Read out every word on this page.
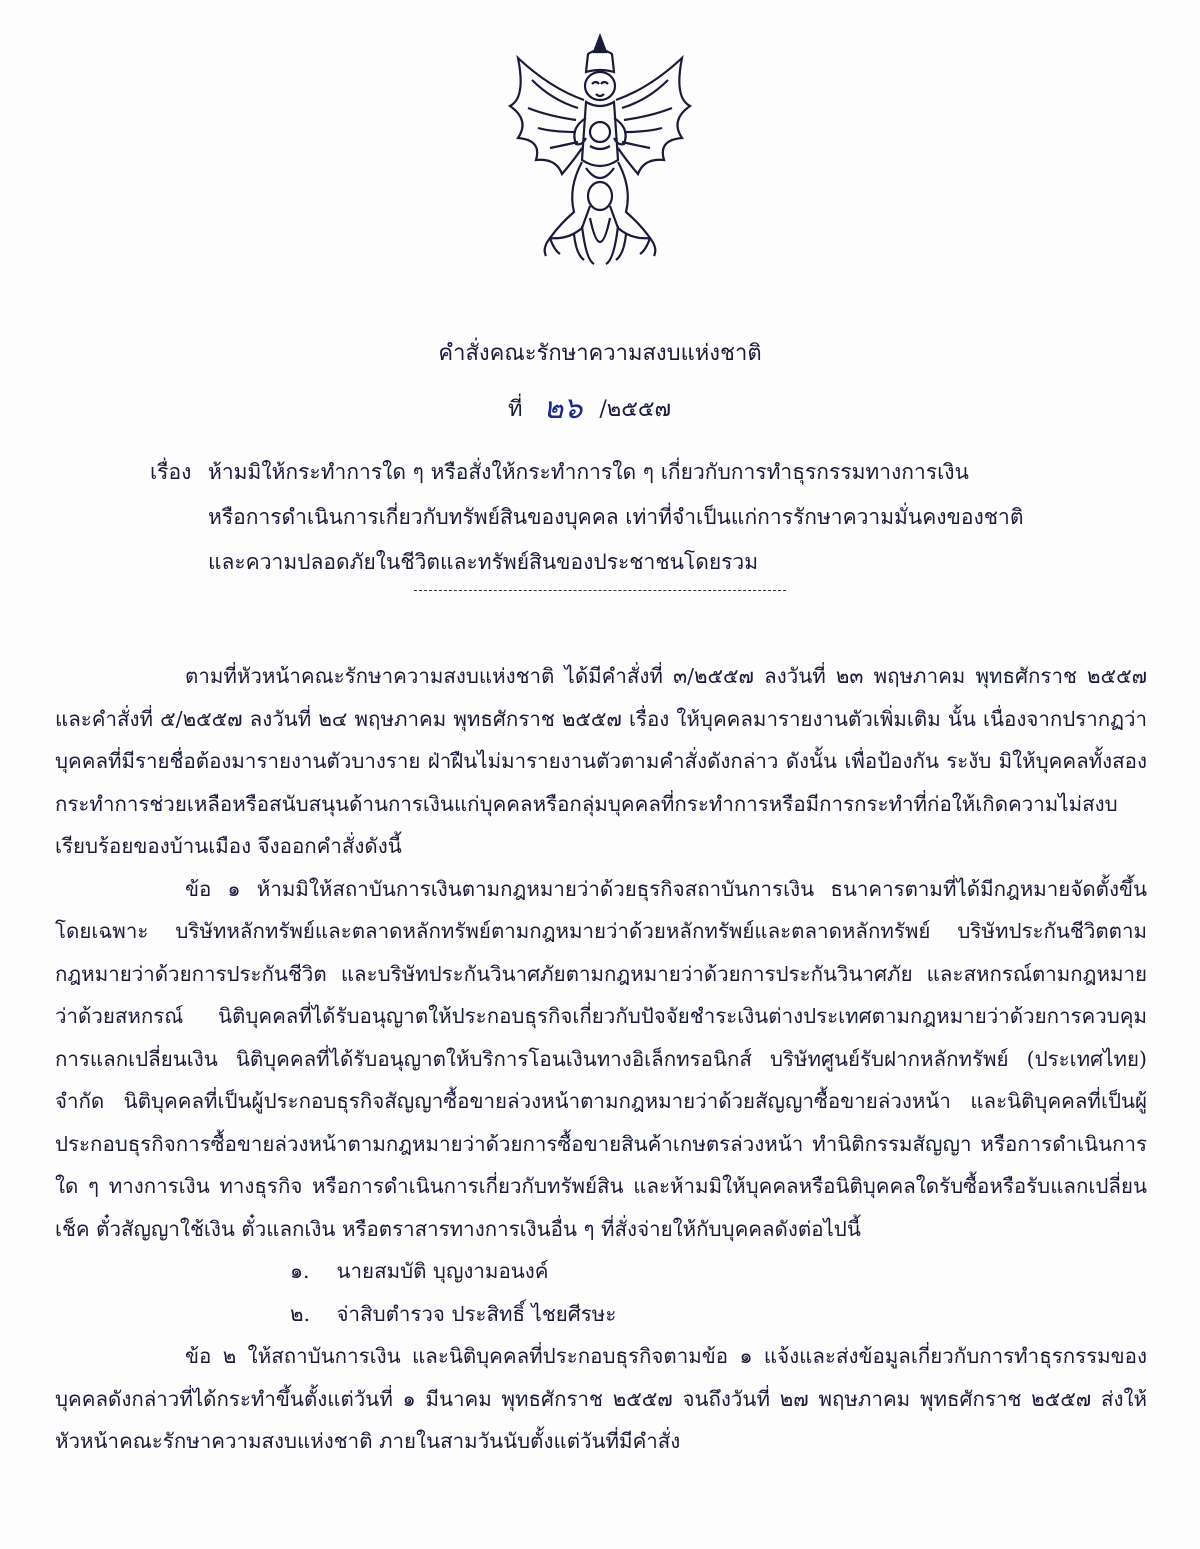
คำสั่งคณะรักษาความสงบแห่งชาติ
ที่ ๒๖ /๒๕๕๗
เรื่อง ห้ามมิให้กระทำการใด ๆ หรือสั่งให้กระทำการใด ๆ เกี่ยวกับการทำธุรกรรมทางการเงิน
หรือการดำเนินการเกี่ยวกับทรัพย์สินของบุคคล เท่าที่จำเป็นแก่การรักษาความมั่นคงของชาติ
และความปลอดภัยในชีวิตและทรัพย์สินของประชาชนโดยรวม

ตามที่หัวหน้าคณะรักษาความสงบแห่งชาติ ได้มีคำสั่งที่ ๓/๒๕๕๗ ลงวันที่ ๒๓ พฤษภาคม พุทธศักราช ๒๕๕๗ และคำสั่งที่ ๕/๒๕๕๗ ลงวันที่ ๒๔ พฤษภาคม พุทธศักราช ๒๕๕๗ เรื่อง ให้บุคคลมารายงานตัวเพิ่มเติม นั้น เนื่องจากปรากฏว่าบุคคลที่มีรายชื่อต้องมารายงานตัวบางราย ฝ่าฝืนไม่มารายงานตัวตามคำสั่งดังกล่าว ดังนั้น เพื่อป้องกัน ระงับ มิให้บุคคลทั้งสองกระทำการช่วยเหลือหรือสนับสนุนด้านการเงินแก่บุคคลหรือกลุ่มบุคคลที่กระทำการหรือมีการกระทำที่ก่อให้เกิดความไม่สงบเรียบร้อยของบ้านเมือง จึงออกคำสั่งดังนี้

ข้อ ๑ ห้ามมิให้สถาบันการเงินตามกฎหมายว่าด้วยธุรกิจสถาบันการเงิน ธนาคารตามที่ได้มีกฎหมายจัดตั้งขึ้นโดยเฉพาะ บริษัทหลักทรัพย์และตลาดหลักทรัพย์ตามกฎหมายว่าด้วยหลักทรัพย์และตลาดหลักทรัพย์ บริษัทประกันชีวิตตามกฎหมายว่าด้วยการประกันชีวิต และบริษัทประกันวินาศภัยตามกฎหมายว่าด้วยการประกันวินาศภัย และสหกรณ์ตามกฎหมายว่าด้วยสหกรณ์ นิติบุคคลที่ได้รับอนุญาตให้ประกอบธุรกิจเกี่ยวกับปัจจัยชำระเงินต่างประเทศตามกฎหมายว่าด้วยการควบคุมการแลกเปลี่ยนเงิน นิติบุคคลที่ได้รับอนุญาตให้บริการโอนเงินทางอิเล็กทรอนิกส์ บริษัทศูนย์รับฝากหลักทรัพย์ (ประเทศไทย) จำกัด นิติบุคคลที่เป็นผู้ประกอบธุรกิจสัญญาซื้อขายล่วงหน้าตามกฎหมายว่าด้วยสัญญาซื้อขายล่วงหน้า และนิติบุคคลที่เป็นผู้ประกอบธุรกิจการซื้อขายล่วงหน้าตามกฎหมายว่าด้วยการซื้อขายสินค้าเกษตรล่วงหน้า ทำนิติกรรมสัญญา หรือการดำเนินการใด ๆ ทางการเงิน ทางธุรกิจ หรือการดำเนินการเกี่ยวกับทรัพย์สิน และห้ามมิให้บุคคลหรือนิติบุคคลใดรับซื้อหรือรับแลกเปลี่ยนเช็ค ตั๋วสัญญาใช้เงิน ตั๋วแลกเงิน หรือตราสารทางการเงินอื่น ๆ ที่สั่งจ่ายให้กับบุคคลดังต่อไปนี้

๑. นายสมบัติ บุญงามอนงค์
๒. จ่าสิบตำรวจ ประสิทธิ์ ไชยศีรษะ

ข้อ ๒ ให้สถาบันการเงิน และนิติบุคคลที่ประกอบธุรกิจตามข้อ ๑ แจ้งและส่งข้อมูลเกี่ยวกับการทำธุรกรรมของบุคคลดังกล่าวที่ได้กระทำขึ้นตั้งแต่วันที่ ๑ มีนาคม พุทธศักราช ๒๕๕๗ จนถึงวันที่ ๒๗ พฤษภาคม พุทธศักราช ๒๕๕๗ ส่งให้หัวหน้าคณะรักษาความสงบแห่งชาติ ภายในสามวันนับตั้งแต่วันที่มีคำสั่ง
